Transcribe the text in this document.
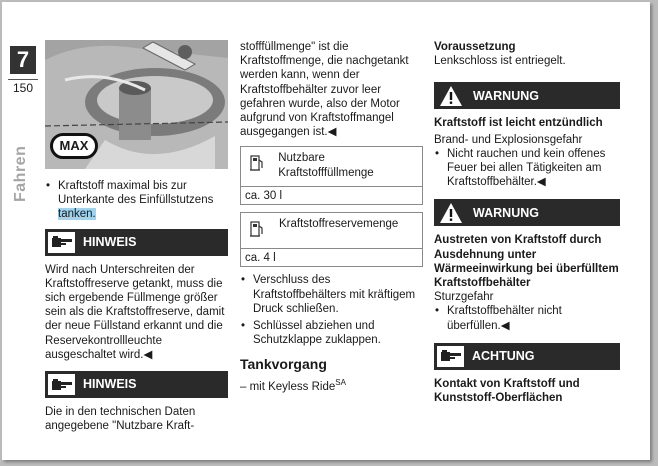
7
150
Fahren
MAX
• Kraftstoff maximal bis zur Unterkante des Einfüllstutzens tanken.
HINWEIS
Wird nach Unterschreiten der Kraftstoffreserve getankt, muss die sich ergebende Füllmenge größer sein als die Kraftstoffreserve, damit der neue Füllstand erkannt und die Reservekontrollleuchte ausgeschaltet wird.◀
HINWEIS
Die in den technischen Daten angegebene "Nutzbare Kraft-
stofffüllmenge" ist die Kraftstoffmenge, die nachgetankt werden kann, wenn der Kraftstoffbehälter zuvor leer gefahren wurde, also der Motor aufgrund von Kraftstoffmangel ausgegangen ist.◀
Nutzbare Kraftstofffüllmenge
ca. 30 l
Kraftstoffreservemenge
ca. 4 l
• Verschluss des Kraftstoffbehälters mit kräftigem Druck schließen.
• Schlüssel abziehen und Schutzklappe zuklappen.
Tankvorgang
– mit Keyless Ride$^{SA}$
Voraussetzung
Lenkschloss ist entriegelt.
WARNUNG
Kraftstoff ist leicht entzündlich
Brand- und Explosionsgefahr
• Nicht rauchen und kein offenes Feuer bei allen Tätigkeiten am Kraftstoffbehälter.◀
WARNUNG
Austreten von Kraftstoff durch Ausdehnung unter Wärmeeinwirkung bei überfülltem Kraftstoffbehälter
Sturzgefahr
• Kraftstoffbehälter nicht überfüllen.◀
ACHTUNG
Kontakt von Kraftstoff und Kunststoff-Oberflächen
